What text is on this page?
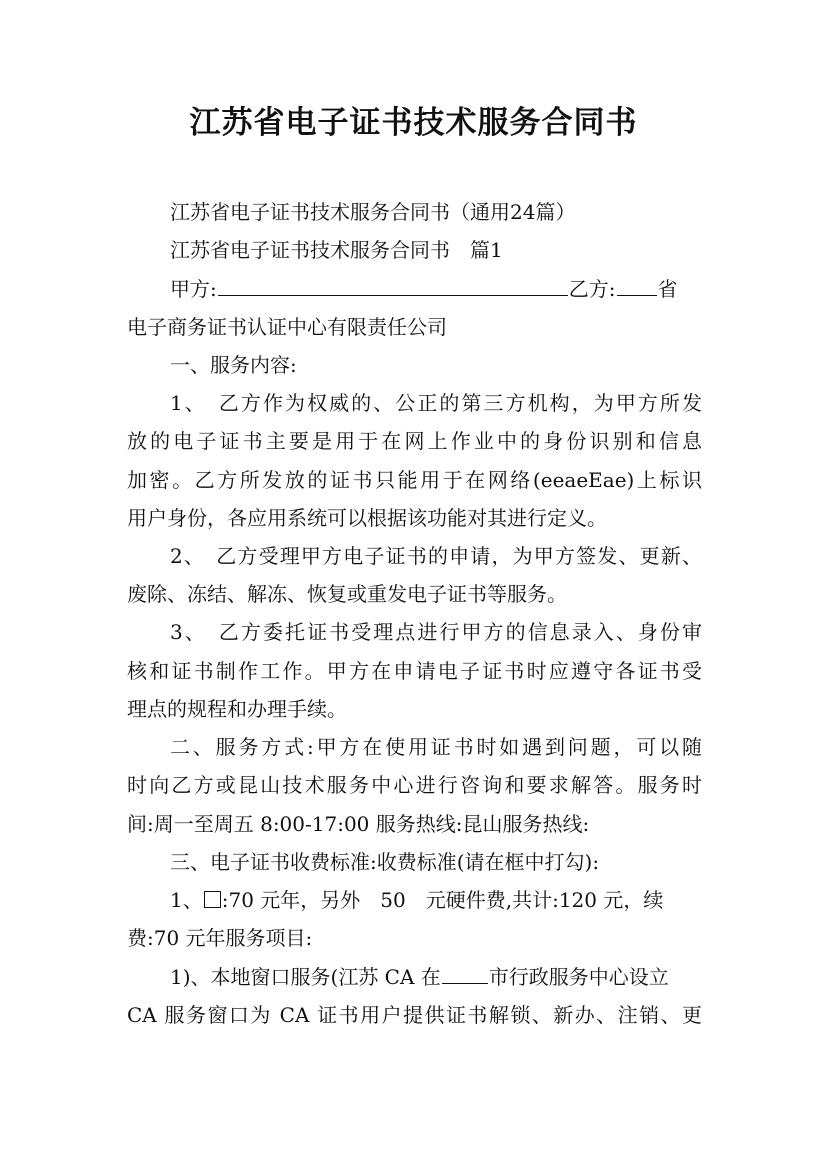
江苏省电子证书技术服务合同书
江苏省电子证书技术服务合同书（通用24篇）
江苏省电子证书技术服务合同书　篇1
甲方:	乙方: 省
电子商务证书认证中心有限责任公司
一、服务内容:
1、　乙方作为权威的、公正的第三方机构，为甲方所发
放的电子证书主要是用于在网上作业中的身份识别和信息
加密。乙方所发放的证书只能用于在网络(eeaeEae)上标识
用户身份，各应用系统可以根据该功能对其进行定义。
2、　乙方受理甲方电子证书的申请，为甲方签发、更新、
废除、冻结、解冻、恢复或重发电子证书等服务。
3、　乙方委托证书受理点进行甲方的信息录入、身份审
核和证书制作工作。甲方在申请电子证书时应遵守各证书受
理点的规程和办理手续。
二、服务方式:甲方在使用证书时如遇到问题，可以随
时向乙方或昆山技术服务中心进行咨询和要求解答。服务时
间:周一至周五 8:00-17:00 服务热线:昆山服务热线:
三、电子证书收费标准:收费标准(请在框中打勾):
1、 :70 元年，另外　50　元硬件费,共计:120 元，续
费:70 元年服务项目:
1)、本地窗口服务(江苏 CA 在 市行政服务中心设立
CA 服务窗口为 CA 证书用户提供证书解锁、新办、注销、更
